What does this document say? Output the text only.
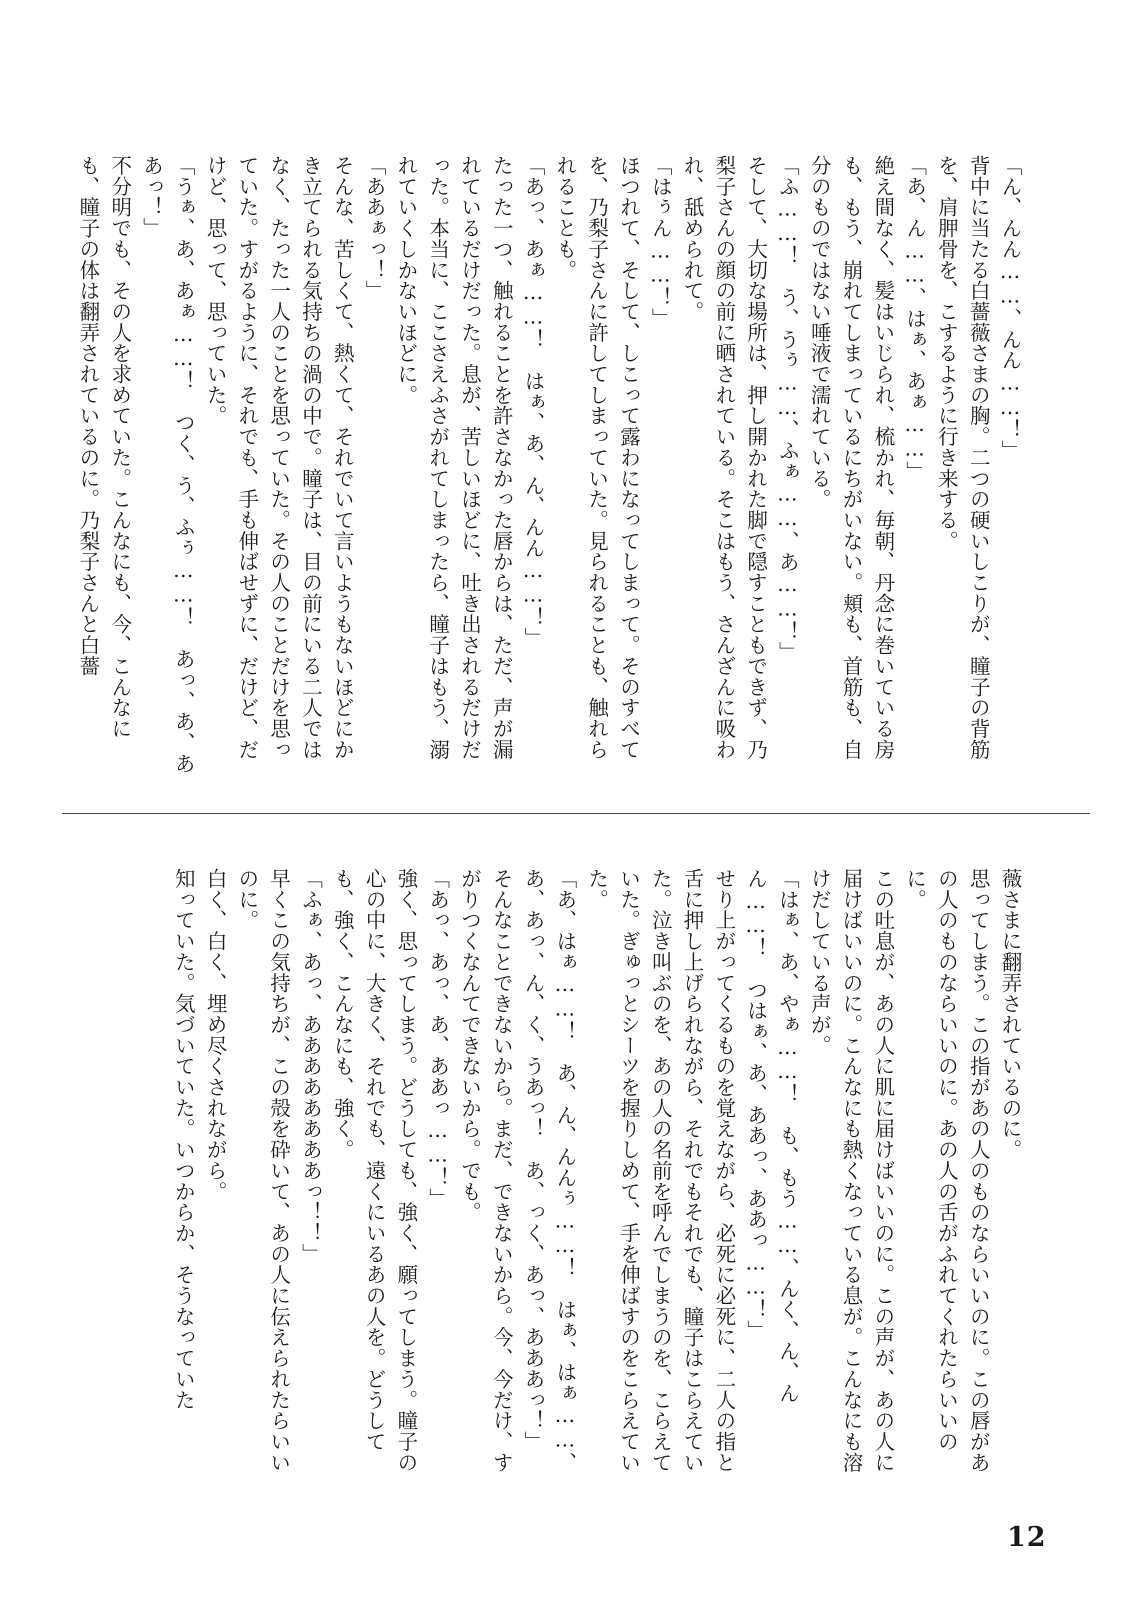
「ん、んん……、んん……！」
背中に当たる白薔薇さまの胸。二つの硬いしこりが、瞳子の背筋を、肩胛骨を、こするように行き来する。
「あ、ん……、はぁ、あぁ……」
絶え間なく、髪はいじられ、梳かれ、毎朝、丹念に巻いている房も、もう、崩れてしまっているにちがいない。頬も、首筋も、自分のものではない唾液で濡れている。
「ふ……！　う、うぅ……、ふぁ……、あ……！」
そして、大切な場所は、押し開かれた脚で隠すこともできず、乃梨子さんの顔の前に晒されている。そこはもう、さんざんに吸われ、舐められて。
「はぅん……！」
ほつれて、そして、しこって露わになってしまって。そのすべてを、乃梨子さんに許してしまっていた。見られることも、触れられることも。
「あっ、あぁ……！　はぁ、あ、ん、んん……！」
たった一つ、触れることを許さなかった唇からは、ただ、声が漏れているだけだった。息が、苦しいほどに、吐き出されるだけだった。本当に、ここさえふさがれてしまったら、瞳子はもう、溺れていくしかないほどに。
「ああぁっ！」
そんな、苦しくて、熱くて、それでいて言いようもないほどにかき立てられる気持ちの渦の中で。瞳子は、目の前にいる二人ではなく、たった一人のことを思っていた。その人のことだけを思っていた。すがるように、それでも、手も伸ばせずに、だけど、だけど、思って、思っていた。
「うぁ、あ、あぁ……！　つく、う、ふぅ……！　あっ、あ、ああっ！」
不分明でも、その人を求めていた。こんなにも、今、こんなにも、瞳子の体は翻弄されているのに。乃梨子さんと白薔

薇さまに翻弄されているのに。
思ってしまう。この指があの人のものならいいのに。この唇があの人のものならいいのに。あの人の舌がふれてくれたらいいのに。
この吐息が、あの人に肌に届けばいいのに。この声が、あの人に届けばいいのに。こんなにも熱くなっている息が。こんなにも溶けだしている声が。
「はぁ、あ、やぁ……！　も、もう……、んく、ん、んん……！　つはぁ、あ、ああっ、ああっ……！」
せり上がってくるものを覚えながら、必死に必死に、二人の指と舌に押し上げられながら、それでもそれでも、瞳子はこらえていた。泣き叫ぶのを、あの人の名前を呼んでしまうのを、こらえていた。ぎゅっとシーツを握りしめて、手を伸ばすのをこらえていた。
「あ、はぁ……！　あ、ん、んんぅ……！　はぁ、はぁ……、あ、あっ、ん、く、うあっ！　あ、っく、あっ、あああっ！」
そんなことできないから。まだ、できないから。今、今だけ、すがりつくなんてできないから。でも。
「あっ、あっ、あ、ああっ……！」
強く、思ってしまう。どうしても、強く、願ってしまう。瞳子の心の中に、大きく、それでも、遠くにいるあの人を。どうしても、強く、こんなにも、強く。
「ふぁ、あっ、ああああああああっ！！」
早くこの気持ちが、この殻を砕いて、あの人に伝えられたらいいのに。
白く、白く、埋め尽くされながら。
知っていた。気づいていた。いつからか、そうなっていた

12
